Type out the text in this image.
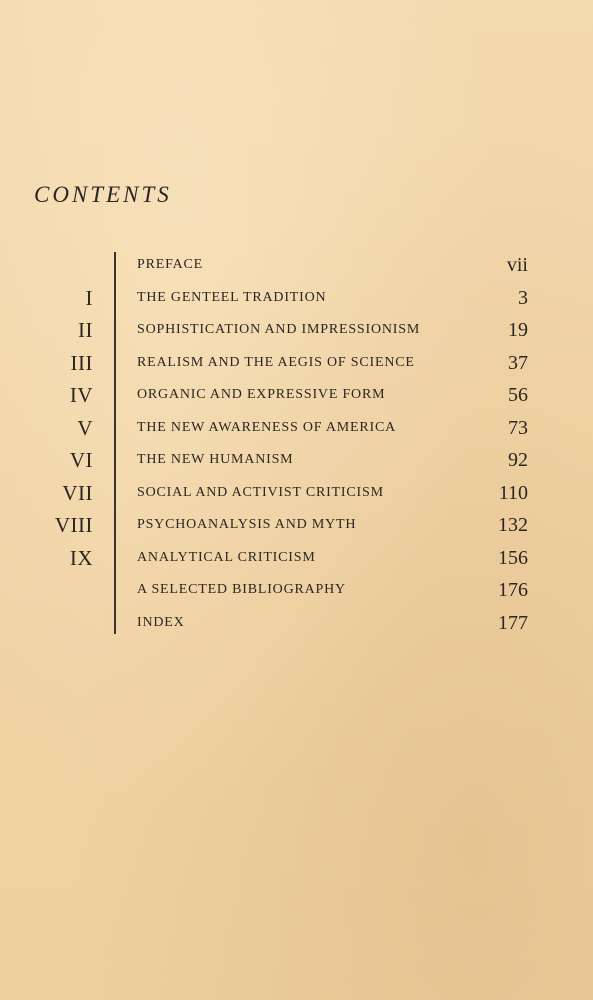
CONTENTS
PREFACE	vii
I	THE GENTEEL TRADITION	3
II	SOPHISTICATION AND IMPRESSIONISM	19
III	REALISM AND THE AEGIS OF SCIENCE	37
IV	ORGANIC AND EXPRESSIVE FORM	56
V	THE NEW AWARENESS OF AMERICA	73
VI	THE NEW HUMANISM	92
VII	SOCIAL AND ACTIVIST CRITICISM	110
VIII	PSYCHOANALYSIS AND MYTH	132
IX	ANALYTICAL CRITICISM	156
A SELECTED BIBLIOGRAPHY	176
INDEX	177
